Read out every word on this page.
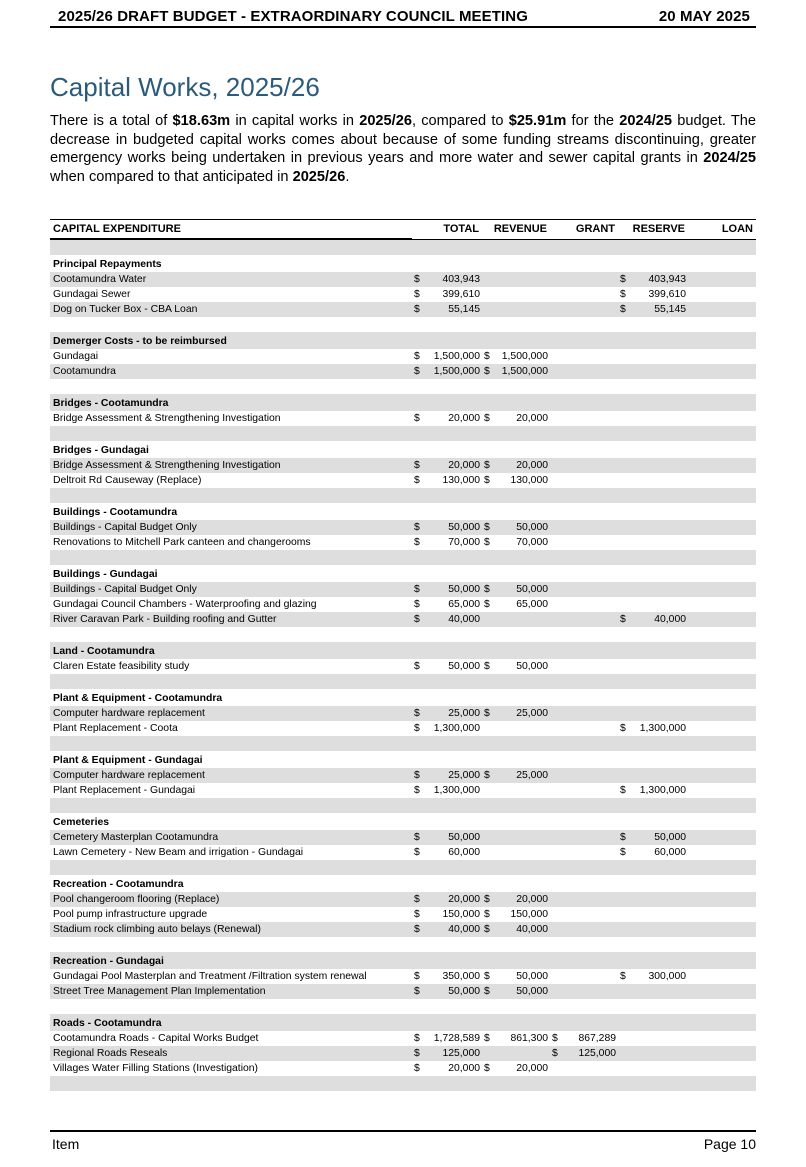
2025/26 DRAFT BUDGET - EXTRAORDINARY COUNCIL MEETING	20 MAY 2025
Capital Works, 2025/26

There is a total of $18.63m in capital works in 2025/26, compared to $25.91m for the 2024/25 budget. The decrease in budgeted capital works comes about because of some funding streams discontinuing, greater emergency works being undertaken in previous years and more water and sewer capital grants in 2024/25 when compared to that anticipated in 2025/26.

CAPITAL EXPENDITURE	TOTAL	REVENUE	GRANT	RESERVE	LOAN

Principal Repayments					
Cootamundra Water	$ 403,943			$ 403,943	
Gundagai Sewer	$ 399,610			$ 399,610	
Dog on Tucker Box - CBA Loan	$ 55,145			$ 55,145	

Demerger Costs - to be reimbursed					
Gundagai	$ 1,500,000	$ 1,500,000			
Cootamundra	$ 1,500,000	$ 1,500,000			

Bridges - Cootamundra					
Bridge Assessment & Strengthening Investigation	$ 20,000	$ 20,000			

Bridges - Gundagai					
Bridge Assessment & Strengthening Investigation	$ 20,000	$ 20,000			
Deltroit Rd Causeway (Replace)	$ 130,000	$ 130,000			

Buildings - Cootamundra					
Buildings - Capital Budget Only	$ 50,000	$ 50,000			
Renovations to Mitchell Park canteen and changerooms	$ 70,000	$ 70,000			

Buildings - Gundagai					
Buildings - Capital Budget Only	$ 50,000	$ 50,000			
Gundagai Council Chambers - Waterproofing and glazing	$ 65,000	$ 65,000			
River Caravan Park - Building roofing and Gutter	$ 40,000			$ 40,000	

Land - Cootamundra					
Claren Estate feasibility study	$ 50,000	$ 50,000			

Plant & Equipment - Cootamundra					
Computer hardware replacement	$ 25,000	$ 25,000			
Plant Replacement - Coota	$ 1,300,000			$ 1,300,000	

Plant & Equipment - Gundagai					
Computer hardware replacement	$ 25,000	$ 25,000			
Plant Replacement - Gundagai	$ 1,300,000			$ 1,300,000	

Cemeteries					
Cemetery Masterplan Cootamundra	$ 50,000			$ 50,000	
Lawn Cemetery - New Beam and irrigation - Gundagai	$ 60,000			$ 60,000	

Recreation - Cootamundra					
Pool changeroom flooring (Replace)	$ 20,000	$ 20,000			
Pool pump infrastructure upgrade	$ 150,000	$ 150,000			
Stadium rock climbing auto belays (Renewal)	$ 40,000	$ 40,000			

Recreation - Gundagai					
Gundagai Pool Masterplan and Treatment /Filtration system renewal	$ 350,000	$ 50,000		$ 300,000	
Street Tree Management Plan Implementation	$ 50,000	$ 50,000			

Roads - Cootamundra					
Cootamundra Roads - Capital Works Budget	$ 1,728,589	$ 861,300	$ 867,289		
Regional Roads Reseals	$ 125,000		$ 125,000		
Villages Water Filling Stations (Investigation)	$ 20,000	$ 20,000			

Item	Page 10
